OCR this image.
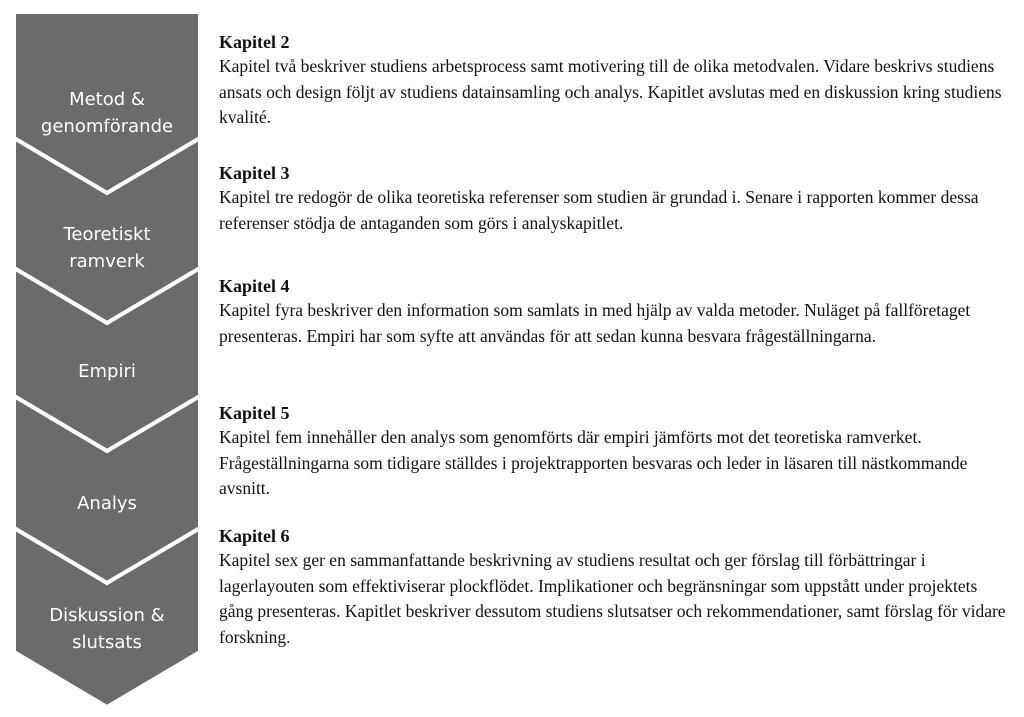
Metod &
genomförande
Teoretiskt
ramverk
Empiri
Analys
Diskussion &
slutsats

Kapitel 2

Kapitel två beskriver studiens arbetsprocess samt motivering till de olika metodvalen. Vidare beskrivs studiens ansats och design följt av studiens datainsamling och analys. Kapitlet avslutas med en diskussion kring studiens kvalité.

Kapitel 3

Kapitel tre redogör de olika teoretiska referenser som studien är grundad i. Senare i rapporten kommer dessa referenser stödja de antaganden som görs i analyskapitlet.

Kapitel 4

Kapitel fyra beskriver den information som samlats in med hjälp av valda metoder. Nuläget på fallföretaget presenteras. Empiri har som syfte att användas för att sedan kunna besvara frågeställningarna.

Kapitel 5

Kapitel fem innehåller den analys som genomförts där empiri jämförts mot det teoretiska ramverket. Frågeställningarna som tidigare ställdes i projektrapporten besvaras och leder in läsaren till nästkommande avsnitt.

Kapitel 6

Kapitel sex ger en sammanfattande beskrivning av studiens resultat och ger förslag till förbättringar i lagerlayouten som effektiviserar plockflödet. Implikationer och begränsningar som uppstått under projektets gång presenteras. Kapitlet beskriver dessutom studiens slutsatser och rekommendationer, samt förslag för vidare forskning.
